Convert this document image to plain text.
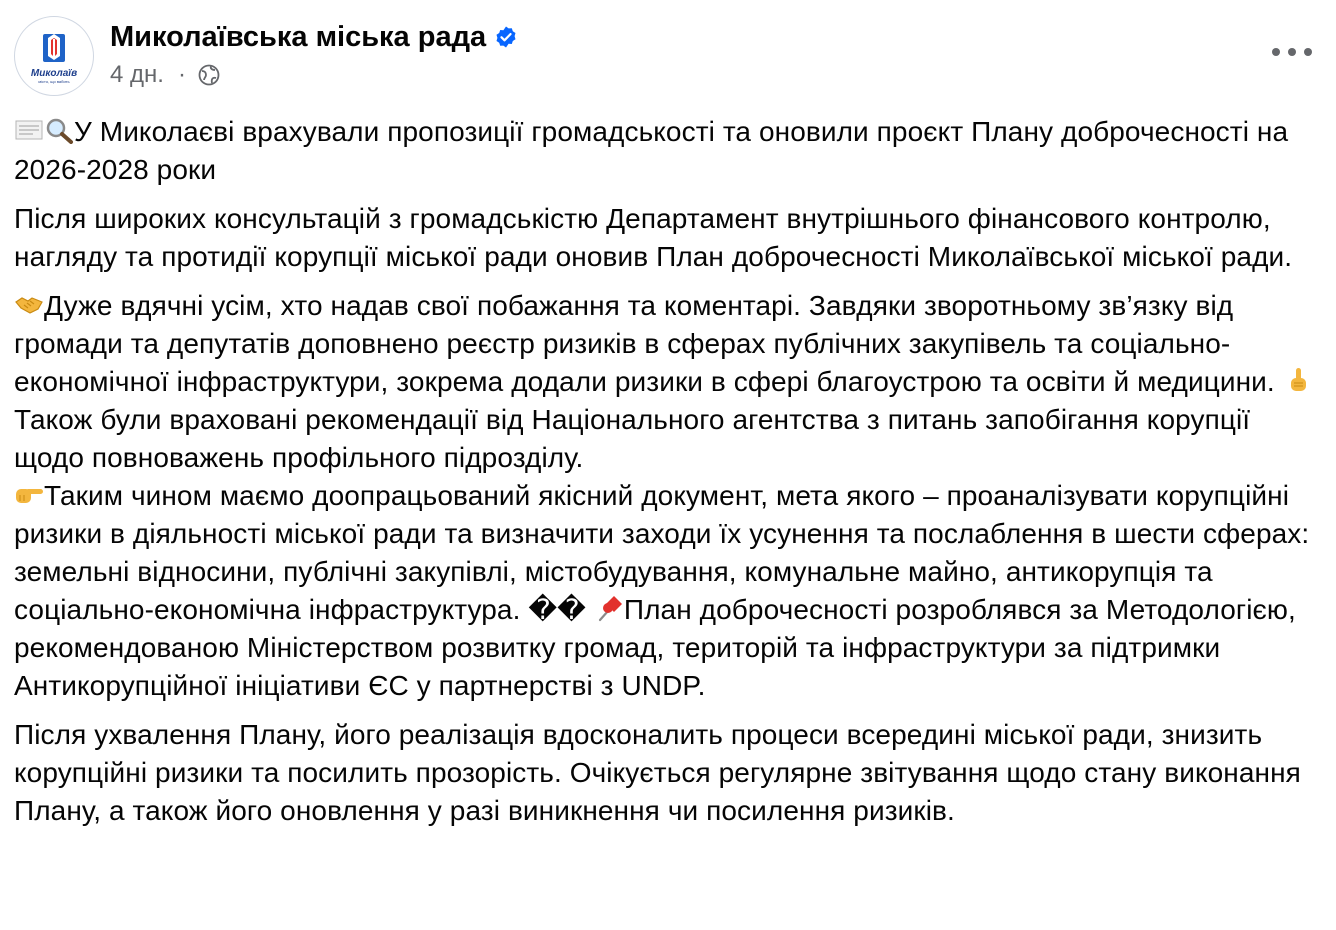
Миколаїв
місто, що вабить
Миколаївська міська рада
4 дн. ·

У Миколаєві врахували пропозиції громадськості та оновили проєкт Плану доброчесності на 2026-2028 роки

Після широких консультацій з громадськістю Департамент внутрішнього фінансового контролю, нагляду та протидії корупції міської ради оновив План доброчесності Миколаївської міської ради.

Дуже вдячні усім, хто надав свої побажання та коментарі. Завдяки зворотньому зв’язку від громади та депутатів доповнено реєстр ризиків в сферах публічних закупівель та соціально-економічної інфраструктури, зокрема додали ризики в сфері благоустрою та освіти й медицини.  Також були враховані рекомендації від Національного агентства з питань запобігання корупції щодо повноважень профільного підрозділу.
Таким чином маємо доопрацьований якісний документ, мета якого – проаналізувати корупційні ризики в діяльності міської ради та визначити заходи їх усунення та послаблення в шести сферах: земельні відносини, публічні закупівлі, містобудування, комунальне майно, антикорупція та соціально-економічна інфраструктура. �� План доброчесності розроблявся за Методологією, рекомендованою Міністерством розвитку громад, територій та інфраструктури за підтримки Антикорупційної ініціативи ЄС у партнерстві з UNDP.

Після ухвалення Плану, його реалізація вдосконалить процеси всередині міської ради, знизить корупційні ризики та посилить прозорість. Очікується регулярне звітування щодо стану виконання Плану, а також його оновлення у разі виникнення чи посилення ризиків.
